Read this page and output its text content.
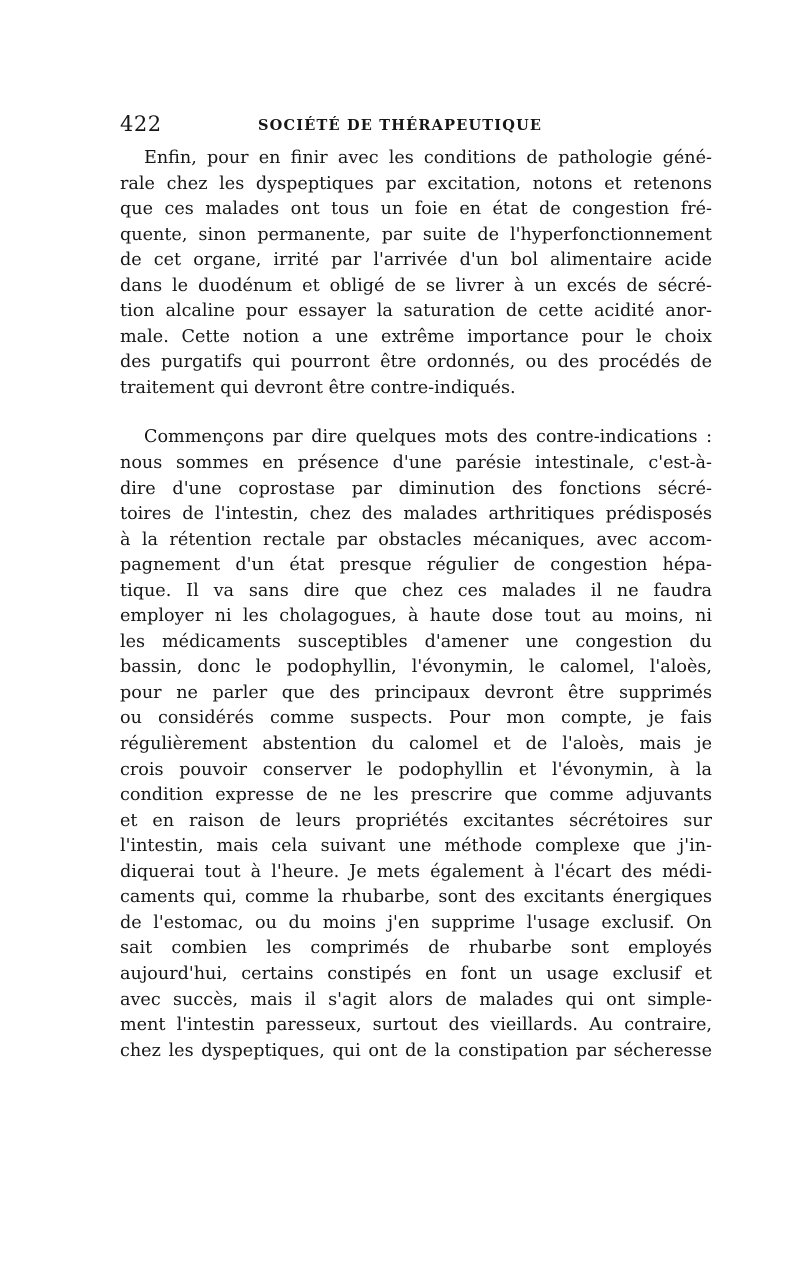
422	SOCIÉTÉ DE THÉRAPEUTIQUE
Enfin, pour en finir avec les conditions de pathologie géné-
rale chez les dyspeptiques par excitation, notons et retenons
que ces malades ont tous un foie en état de congestion fré-
quente, sinon permanente, par suite de l'hyperfonctionnement
de cet organe, irrité par l'arrivée d'un bol alimentaire acide
dans le duodénum et obligé de se livrer à un excés de sécré-
tion alcaline pour essayer la saturation de cette acidité anor-
male. Cette notion a une extrême importance pour le choix
des purgatifs qui pourront être ordonnés, ou des procédés de
traitement qui devront être contre-indiqués.
Commençons par dire quelques mots des contre-indications :
nous sommes en présence d'une parésie intestinale, c'est-à-
dire d'une coprostase par diminution des fonctions sécré-
toires de l'intestin, chez des malades arthritiques prédisposés
à la rétention rectale par obstacles mécaniques, avec accom-
pagnement d'un état presque régulier de congestion hépa-
tique. Il va sans dire que chez ces malades il ne faudra
employer ni les cholagogues, à haute dose tout au moins, ni
les médicaments susceptibles d'amener une congestion du
bassin, donc le podophyllin, l'évonymin, le calomel, l'aloès,
pour ne parler que des principaux devront être supprimés
ou considérés comme suspects. Pour mon compte, je fais
régulièrement abstention du calomel et de l'aloès, mais je
crois pouvoir conserver le podophyllin et l'évonymin, à la
condition expresse de ne les prescrire que comme adjuvants
et en raison de leurs propriétés excitantes sécrétoires sur
l'intestin, mais cela suivant une méthode complexe que j'in-
diquerai tout à l'heure. Je mets également à l'écart des médi-
caments qui, comme la rhubarbe, sont des excitants énergiques
de l'estomac, ou du moins j'en supprime l'usage exclusif. On
sait combien les comprimés de rhubarbe sont employés
aujourd'hui, certains constipés en font un usage exclusif et
avec succès, mais il s'agit alors de malades qui ont simple-
ment l'intestin paresseux, surtout des vieillards. Au contraire,
chez les dyspeptiques, qui ont de la constipation par sécheresse
